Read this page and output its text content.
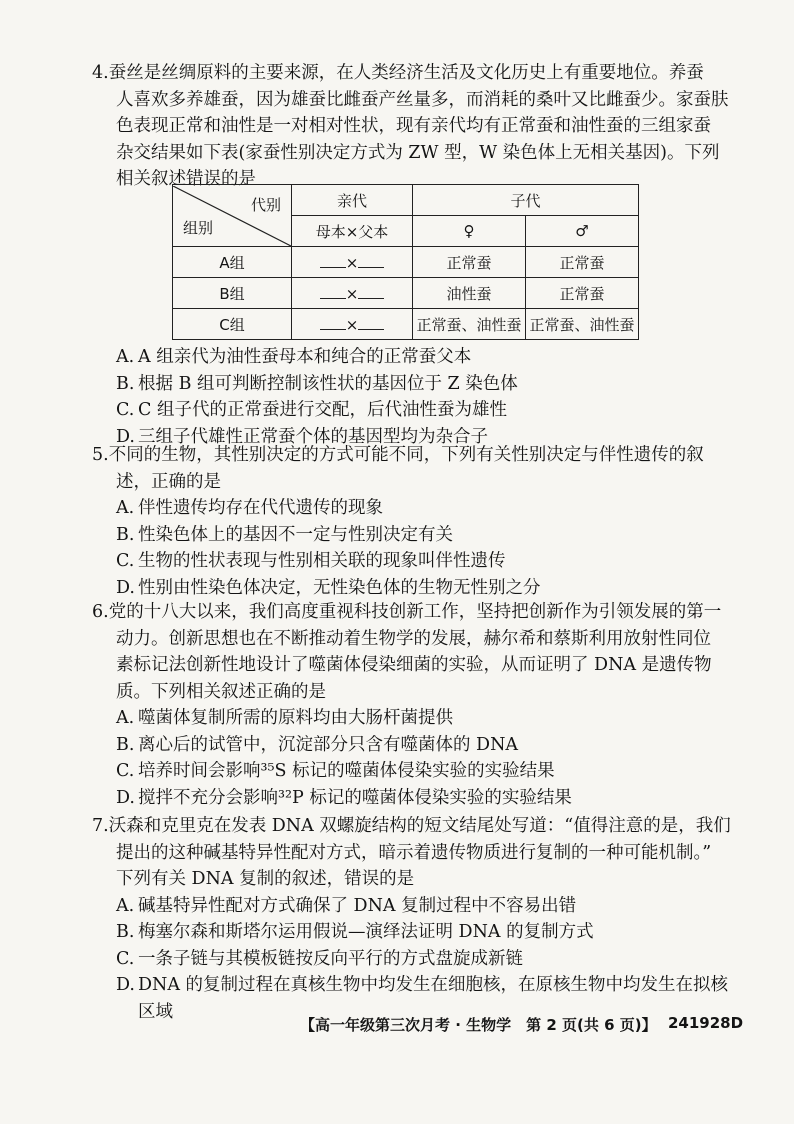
4.蚕丝是丝绸原料的主要来源，在人类经济生活及文化历史上有重要地位。养蚕
人喜欢多养雄蚕，因为雄蚕比雌蚕产丝量多，而消耗的桑叶又比雌蚕少。家蚕肤
色表现正常和油性是一对相对性状，现有亲代均有正常蚕和油性蚕的三组家蚕
杂交结果如下表(家蚕性别决定方式为 ZW 型，W 染色体上无相关基因)。下列
相关叙述错误的是
代别
组别	亲代	子代	
	母本×父本	♀	♂
A组	×	正常蚕	正常蚕
B组	×	油性蚕	正常蚕
C组	×	正常蚕、油性蚕	正常蚕、油性蚕
A. A 组亲代为油性蚕母本和纯合的正常蚕父本
B. 根据 B 组可判断控制该性状的基因位于 Z 染色体
C. C 组子代的正常蚕进行交配，后代油性蚕为雄性
D. 三组子代雄性正常蚕个体的基因型均为杂合子
5.不同的生物，其性别决定的方式可能不同，下列有关性别决定与伴性遗传的叙
述，正确的是
A. 伴性遗传均存在代代遗传的现象
B. 性染色体上的基因不一定与性别决定有关
C. 生物的性状表现与性别相关联的现象叫伴性遗传
D. 性别由性染色体决定，无性染色体的生物无性别之分
6.党的十八大以来，我们高度重视科技创新工作，坚持把创新作为引领发展的第一
动力。创新思想也在不断推动着生物学的发展，赫尔希和蔡斯利用放射性同位
素标记法创新性地设计了噬菌体侵染细菌的实验，从而证明了 DNA 是遗传物
质。下列相关叙述正确的是
A. 噬菌体复制所需的原料均由大肠杆菌提供
B. 离心后的试管中，沉淀部分只含有噬菌体的 DNA
C. 培养时间会影响³⁵S 标记的噬菌体侵染实验的实验结果
D. 搅拌不充分会影响³²P 标记的噬菌体侵染实验的实验结果
7.沃森和克里克在发表 DNA 双螺旋结构的短文结尾处写道：“值得注意的是，我们
提出的这种碱基特异性配对方式，暗示着遗传物质进行复制的一种可能机制。”
下列有关 DNA 复制的叙述，错误的是
A. 碱基特异性配对方式确保了 DNA 复制过程中不容易出错
B. 梅塞尔森和斯塔尔运用假说—演绎法证明 DNA 的复制方式
C. 一条子链与其模板链按反向平行的方式盘旋成新链
D. DNA 的复制过程在真核生物中均发生在细胞核，在原核生物中均发生在拟核
区域
【高一年级第三次月考 · 生物学　第 2 页(共 6 页)】 241928D
